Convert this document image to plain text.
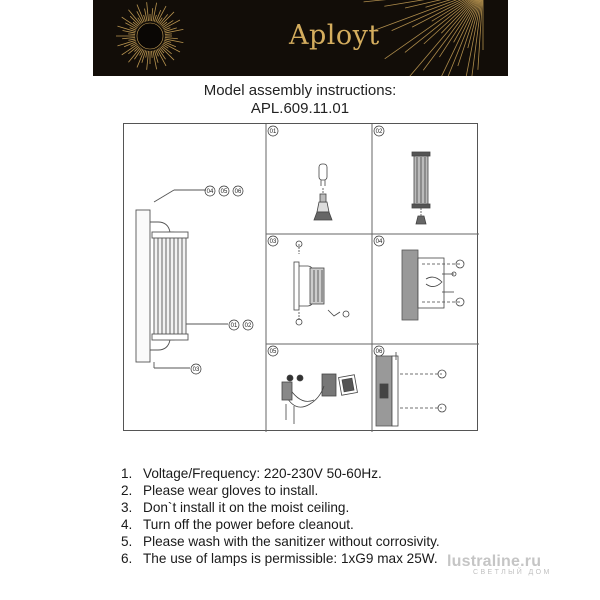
Aployt
Model assembly instructions:
APL.609.11.01
04 05 06
01 02
03
01	02
03	04
05	06
1. Voltage/Frequency: 220-230V 50-60Hz.
2. Please wear gloves to install.
3. Don`t install it on the moist ceiling.
4. Turn off the power before cleanout.
5. Please wash with the sanitizer without corrosivity.
6. The use of lamps is permissible: 1xG9 max 25W. lustraline.ru
СВЕТЛЫЙ ДОМ
